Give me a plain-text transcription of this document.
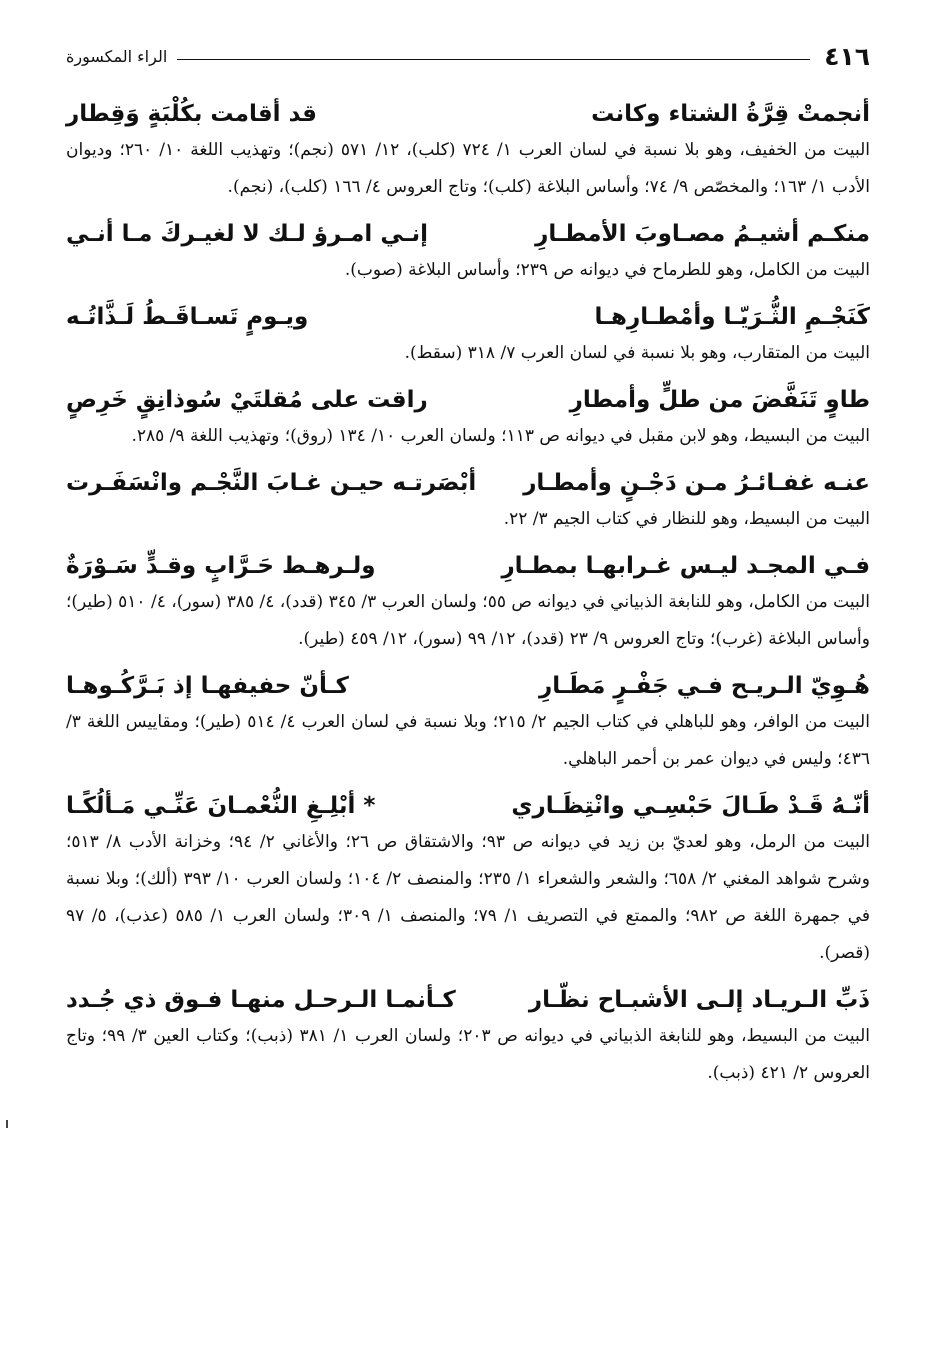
٤١٦
الراء المكسورة
أنجمتْ قِرَّةُ الشتاء وكانت
قد أقامت بكُلْبَةٍ وَقِطار

البيت من الخفيف، وهو بلا نسبة في لسان العرب ١/ ٧٢٤ (كلب)، ١٢/ ٥٧١ (نجم)؛ وتهذيب اللغة ١٠/ ٢٦٠؛ وديوان الأدب ١/ ١٦٣؛ والمخصّص ٩/ ٧٤؛ وأساس البلاغة (كلب)؛ وتاج العروس ٤/ ١٦٦ (كلب)، (نجم).

منكـم أشيـمُ مصـاوبَ الأمطـارِ
إنـي امـرؤ لـك لا لغيـركَ مـا أنـي

البيت من الكامل، وهو للطرماح في ديوانه ص ٢٣٩؛ وأساس البلاغة (صوب).

كَنَجْـمِ الثُّـرَيّـا وأمْطـارِهـا
ويـومٍ تَسـاقَـطُ لَـذَّاتُـه

البيت من المتقارب، وهو بلا نسبة في لسان العرب ٧/ ٣١٨ (سقط).

طاوٍ تَنَفَّضَ من طلٍّ وأمطارِ
راقت على مُقلتَيْ سُوذانِقٍ خَرِصٍ

البيت من البسيط، وهو لابن مقبل في ديوانه ص ١١٣؛ ولسان العرب ١٠/ ١٣٤ (روق)؛ وتهذيب اللغة ٩/ ٢٨٥.

عنـه غفـائـرُ مـن دَجْـنٍ وأمطـار
أبْصَرتـه حيـن غـابَ النَّجْـم وانْسَفَـرت

البيت من البسيط، وهو للنظار في كتاب الجيم ٣/ ٢٢.

فـي المجـد ليـس غـرابهـا بمطـارِ
ولـرهـط حَـرَّابٍ وقـدٍّ سَـوْرَةٌ

البيت من الكامل، وهو للنابغة الذبياني في ديوانه ص ٥٥؛ ولسان العرب ٣/ ٣٤٥ (قدد)، ٤/ ٣٨٥ (سور)، ٤/ ٥١٠ (طير)؛ وأساس البلاغة (غرب)؛ وتاج العروس ٩/ ٢٣ (قدد)، ١٢/ ٩٩ (سور)، ١٢/ ٤٥٩ (طير).

هُـوِيّ الـريـح فـي جَفْـرٍ مَطَـارِ
كـأنّ حفيفهـا إذ بَـرَّكُـوهـا

البيت من الوافر، وهو للباهلي في كتاب الجيم ٢/ ٢١٥؛ وبلا نسبة في لسان العرب ٤/ ٥١٤ (طير)؛ ومقاييس اللغة ٣/ ٤٣٦؛ وليس في ديوان عمر بن أحمر الباهلي.

أنّـهُ قَـدْ طَـالَ حَبْسِـي وانْتِظَـاري
* أبْلِـغِ النُّعْمـانَ عَنِّـي مَـألُكًـا

البيت من الرمل، وهو لعديّ بن زيد في ديوانه ص ٩٣؛ والاشتقاق ص ٢٦؛ والأغاني ٢/ ٩٤؛ وخزانة الأدب ٨/ ٥١٣؛ وشرح شواهد المغني ٢/ ٦٥٨؛ والشعر والشعراء ١/ ٢٣٥؛ والمنصف ٢/ ١٠٤؛ ولسان العرب ١٠/ ٣٩٣ (ألك)؛ وبلا نسبة في جمهرة اللغة ص ٩٨٢؛ والممتع في التصريف ١/ ٧٩؛ والمنصف ١/ ٣٠٩؛ ولسان العرب ١/ ٥٨٥ (عذب)، ٥/ ٩٧ (قصر).

ذَبِّ الـريـاد إلـى الأشبـاح نظّـار
كـأنمـا الـرحـل منهـا فـوق ذي جُـدد

البيت من البسيط، وهو للنابغة الذبياني في ديوانه ص ٢٠٣؛ ولسان العرب ١/ ٣٨١ (ذبب)؛ وكتاب العين ٣/ ٩٩؛ وتاج العروس ٢/ ٤٢١ (ذبب).
